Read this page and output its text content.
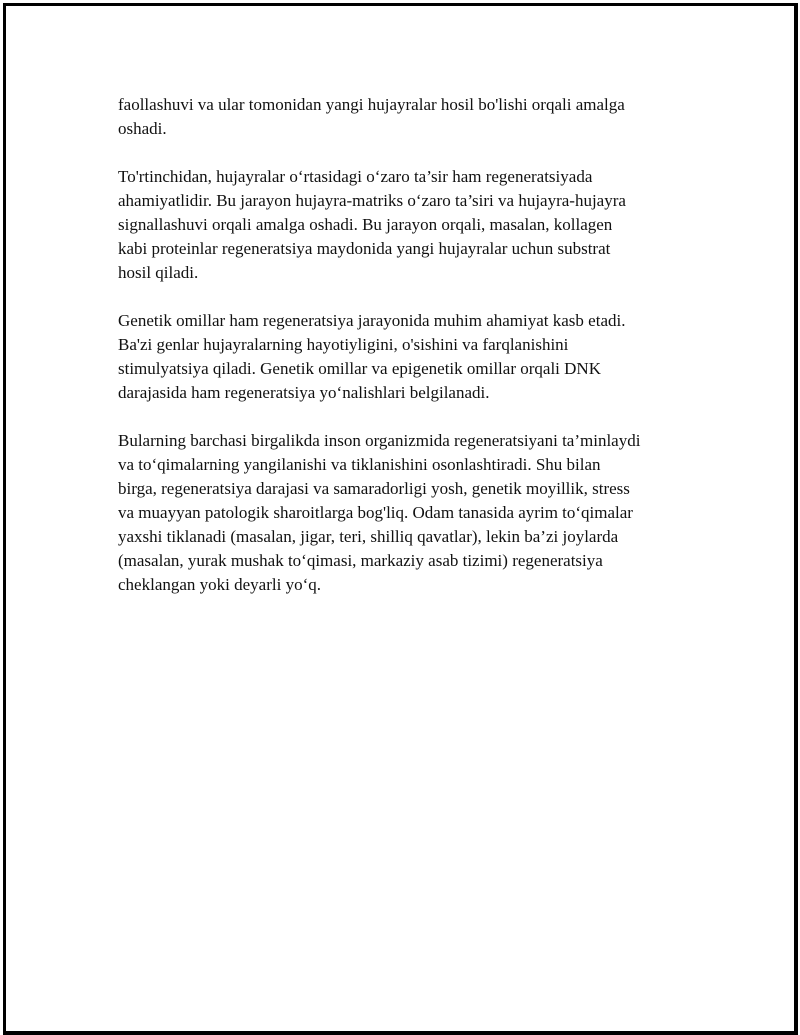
faollashuvi va ular tomonidan yangi hujayralar hosil bo'lishi orqali amalga
oshadi.
To'rtinchidan, hujayralar o‘rtasidagi o‘zaro ta’sir ham regeneratsiyada
ahamiyatlidir. Bu jarayon hujayra-matriks o‘zaro ta’siri va hujayra-hujayra
signallashuvi orqali amalga oshadi. Bu jarayon orqali, masalan, kollagen
kabi proteinlar regeneratsiya maydonida yangi hujayralar uchun substrat
hosil qiladi.
Genetik omillar ham regeneratsiya jarayonida muhim ahamiyat kasb etadi.
Ba'zi genlar hujayralarning hayotiyligini, o'sishini va farqlanishini
stimulyatsiya qiladi. Genetik omillar va epigenetik omillar orqali DNK
darajasida ham regeneratsiya yo‘nalishlari belgilanadi.
Bularning barchasi birgalikda inson organizmida regeneratsiyani ta’minlaydi
va to‘qimalarning yangilanishi va tiklanishini osonlashtiradi. Shu bilan
birga, regeneratsiya darajasi va samaradorligi yosh, genetik moyillik, stress
va muayyan patologik sharoitlarga bog'liq. Odam tanasida ayrim to‘qimalar
yaxshi tiklanadi (masalan, jigar, teri, shilliq qavatlar), lekin ba’zi joylarda
(masalan, yurak mushak to‘qimasi, markaziy asab tizimi) regeneratsiya
cheklangan yoki deyarli yo‘q.
